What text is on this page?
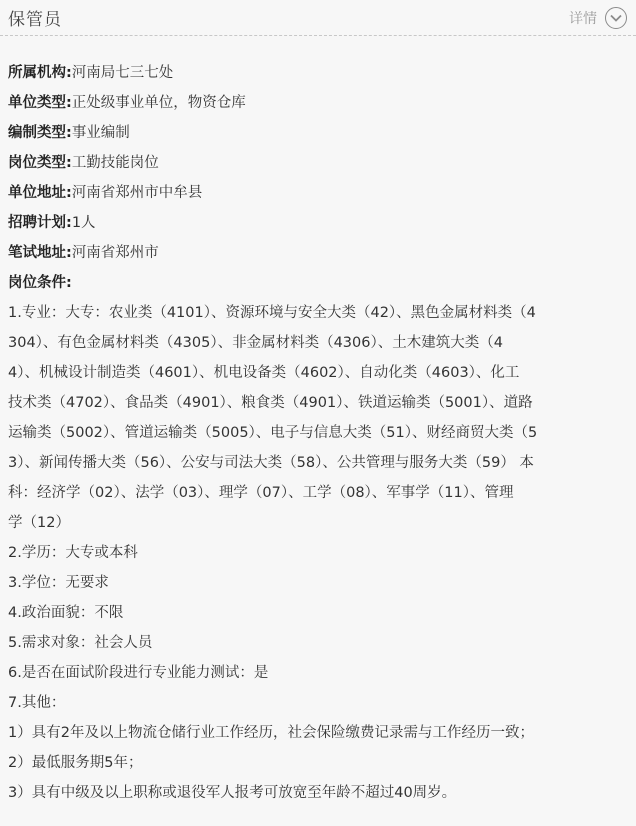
保管员	详情
所属机构:河南局七三七处
单位类型:正处级事业单位，物资仓库
编制类型:事业编制
岗位类型:工勤技能岗位
单位地址:河南省郑州市中牟县
招聘计划:1人
笔试地址:河南省郑州市
岗位条件:
1.专业：大专：农业类（4101）、资源环境与安全大类（42）、黑色金属材料类（4
304）、有色金属材料类（4305）、非金属材料类（4306）、土木建筑大类（4
4）、机械设计制造类（4601）、机电设备类（4602）、自动化类（4603）、化工
技术类（4702）、食品类（4901）、粮食类（4901）、铁道运输类（5001）、道路
运输类（5002）、管道运输类（5005）、电子与信息大类（51）、财经商贸大类（5
3）、新闻传播大类（56）、公安与司法大类（58）、公共管理与服务大类（59） 本
科：经济学（02）、法学（03）、理学（07）、工学（08）、军事学（11）、管理
学（12）
2.学历：大专或本科
3.学位：无要求
4.政治面貌：不限
5.需求对象：社会人员
6.是否在面试阶段进行专业能力测试：是
7.其他：
1）具有2年及以上物流仓储行业工作经历，社会保险缴费记录需与工作经历一致；
2）最低服务期5年；
3）具有中级及以上职称或退役军人报考可放宽至年龄不超过40周岁。
